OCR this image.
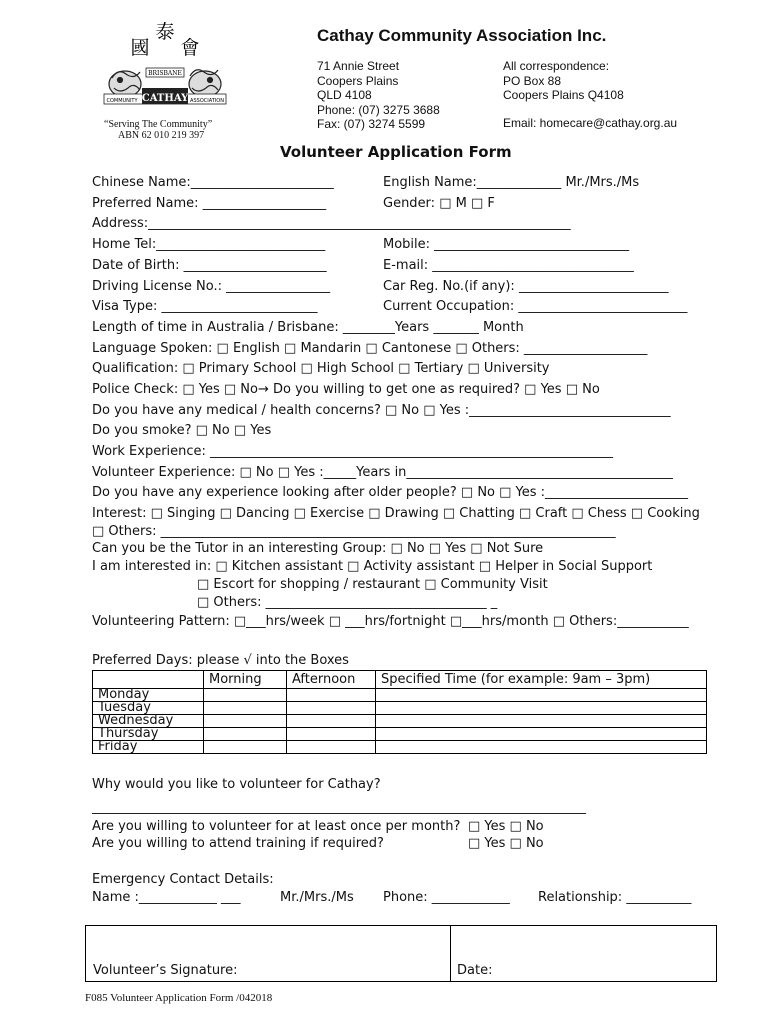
國
泰
會
BRISBANE
COMMUNITY CATHAY ASSOCIATION
“Serving The Community”
ABN 62 010 219 397
Cathay Community Association Inc.
71 Annie Street
Coopers Plains
QLD 4108
Phone: (07) 3275 3688
Fax: (07) 3274 5599
All correspondence:
PO Box 88
Coopers Plains Q4108
Email: homecare@cathay.org.au
Volunteer Application Form
Chinese Name:______________________	English Name:_____________ Mr./Mrs./Ms
Preferred Name: ___________________	Gender: □ M □ F
Address:_________________________________________________________________
Home Tel:__________________________	Mobile: ______________________________
Date of Birth: ______________________	E-mail: _______________________________
Driving License No.: ________________	Car Reg. No.(if any): _______________________
Visa Type: ________________________	Current Occupation: __________________________
Length of time in Australia / Brisbane: ________Years _______ Month
Language Spoken: □ English □ Mandarin □ Cantonese □ Others: ___________________
Qualification: □ Primary School □ High School □ Tertiary □ University
Police Check: □ Yes □ No→ Do you willing to get one as required? □ Yes □ No
Do you have any medical / health concerns? □ No □ Yes :_______________________________
Do you smoke? □ No □ Yes
Work Experience: ______________________________________________________________
Volunteer Experience: □ No □ Yes :_____Years in_________________________________________
Do you have any experience looking after older people? □ No □ Yes :______________________
Interest: □ Singing □ Dancing □ Exercise □ Drawing □ Chatting □ Craft □ Chess □ Cooking
□ Others: ______________________________________________________________________
Can you be the Tutor in an interesting Group: □ No □ Yes □ Not Sure
I am interested in: □ Kitchen assistant □ Activity assistant □ Helper in Social Support
□ Escort for shopping / restaurant □ Community Visit
□ Others: __________________________________ _
Volunteering Pattern: □___hrs/week □ ___hrs/fortnight □___hrs/month □ Others:___________
Preferred Days: please √ into the Boxes
	Morning	Afternoon	Specified Time (for example: 9am – 3pm)
Monday			
Tuesday			
Wednesday			
Thursday			
Friday			
Why would you like to volunteer for Cathay?
____________________________________________________________________________
Are you willing to volunteer for at least once per month? □ Yes □ No
Are you willing to attend training if required?	□ Yes □ No
Emergency Contact Details:
Name :____________ ___	Mr./Mrs./Ms Phone: ____________ Relationship: __________
Volunteer’s Signature:	Date:
F085 Volunteer Application Form /042018
